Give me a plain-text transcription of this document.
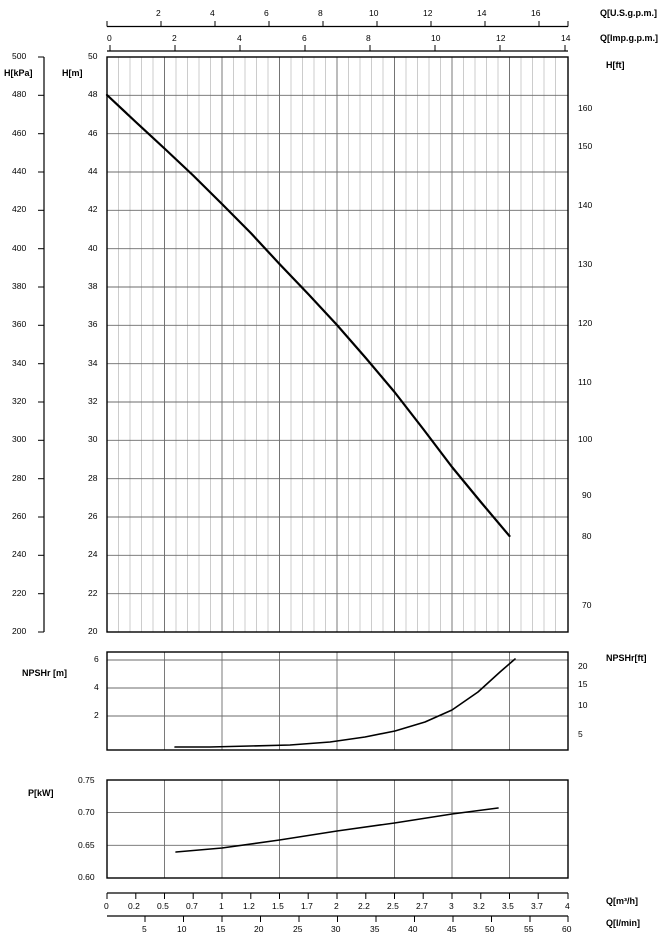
Q[U.S.g.p.m.]
Q[Imp.g.p.m.]
H[kPa]	H[m]
H[ft]
NPSHr [m]
NPSHr[ft]
P[kW]
Q[m³/h]
Q[l/min]
2	4	6	8	10	12	14	16
0	2	4	6	8	10	12	14
500
480
460
440
420
400
380
360
340
320
300
280
260
240
220
200
50
48
46
44
42
40
38
36
34
32
30
28
26
24
22
20
160
150
140
130
120
110
100
90
80
70
6
4
2
20
15
10
5
0.75
0.70
0.65
0.60
0 0.2 0.5 0.7 1 1.2 1.5 1.7 2 2.2 2.5 2.7 3 3.2 3.5 3.7	4
5	10	15	20	25	30	35	40	45	50	55	60
